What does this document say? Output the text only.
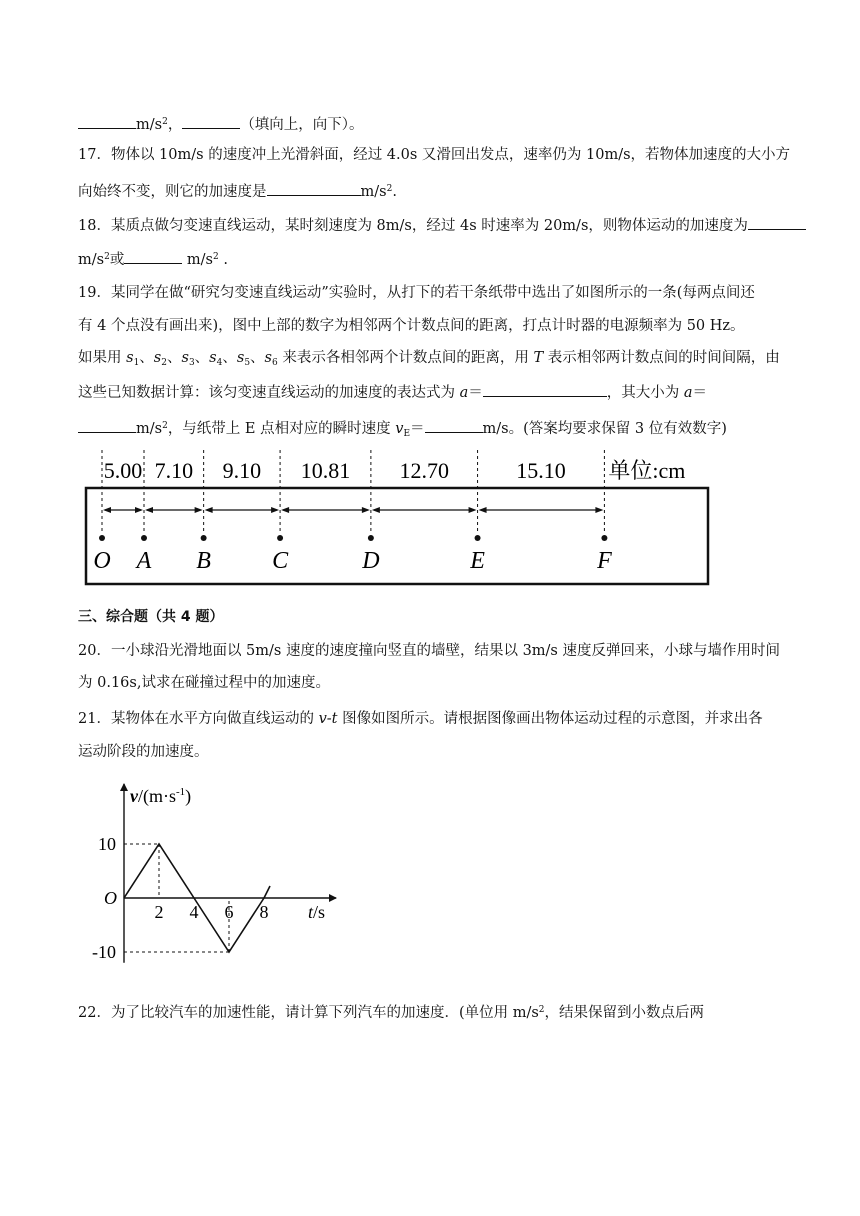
$m/s^2$，	（填向上，向下）。
17．物体以 10m/s 的速度冲上光滑斜面，经过 4.0s 又滑回出发点，速率仍为 10m/s，若物体加速度的大小方
向始终不变，则它的加速度是	$m/s^2$.
18．某质点做匀变速直线运动，某时刻速度为 8m/s，经过 4s 时速率为 20m/s，则物体运动的加速度为
$m/s^2$或	$m/s^2$ .
19．某同学在做“研究匀变速直线运动”实验时，从打下的若干条纸带中选出了如图所示的一条(每两点间还
有 4 个点没有画出来)，图中上部的数字为相邻两个计数点间的距离，打点计时器的电源频率为 50 Hz。
如果用 $s_1$、$s_2$、$s_3$、$s_4$、$s_5$、$s_6$ 来表示各相邻两个计数点间的距离，用 T 表示相邻两计数点间的时间间隔，由
这些已知数据计算：该匀变速直线运动的加速度的表达式为 a＝	，其大小为 a＝
$m/s^2$，与纸带上 E 点相对应的瞬时速度 $v_E=$	m/s。(答案均要求保留 3 位有效数字)
O A B	C	D	E	F
5.00 7.10 9.10 10.81 12.70	15.10 单位:cm
三、综合题（共 4 题）
20．一小球沿光滑地面以 5m/s 速度的速度撞向竖直的墙壁，结果以 3m/s 速度反弹回来，小球与墙作用时间
为 0.16s,试求在碰撞过程中的加速度。
21．某物体在水平方向做直线运动的 v-t 图像如图所示。请根据图像画出物体运动过程的示意图，并求出各
运动阶段的加速度。
$v/(m\cdot s^{-1})$
t/s
O
10
-10
2 4 6 8
22．为了比较汽车的加速性能，请计算下列汽车的加速度．(单位用 $m/s^2$，结果保留到小数点后两
